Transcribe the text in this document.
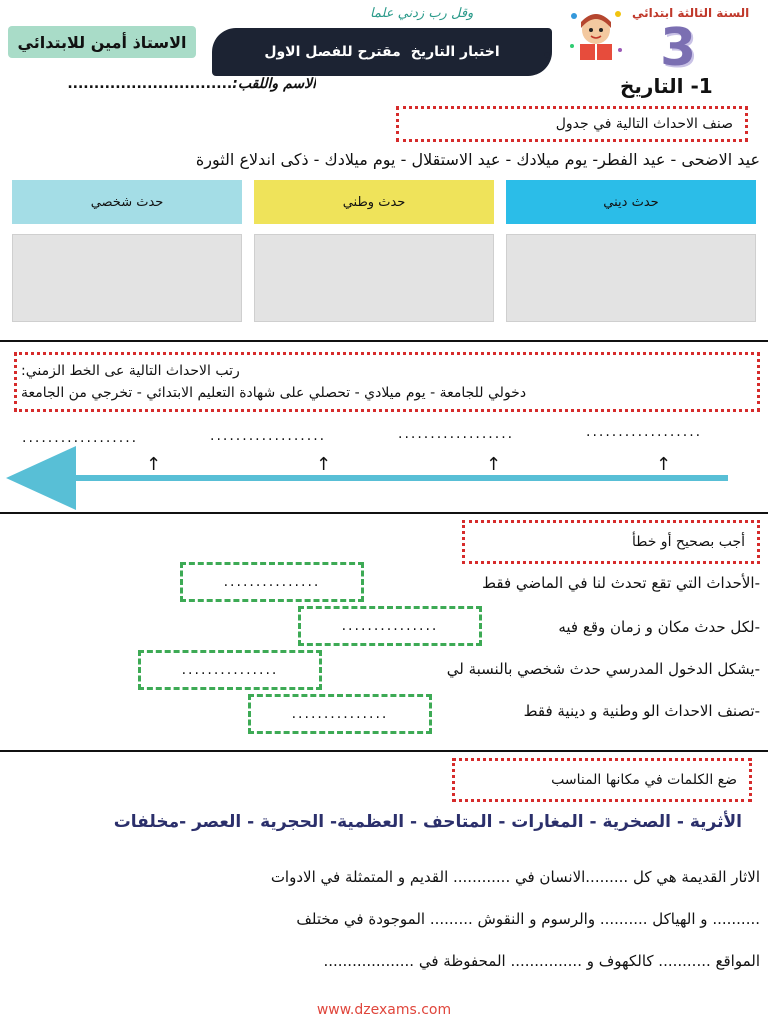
الاستاذ أمين للابتدائي
اختبار التاريخ
مقترح للفصل الاول
وقل رب زدني علما	السنة الثالثة ابتدائي
3
الاسم واللقب:...............................	1- التاريخ
صنف الاحداث التالية في جدول
عيد الاضحى - عيد الفطر- يوم ميلادك - عيد الاستقلال - يوم ميلادك - ذكى اندلاع الثورة
حدث ديني
حدث وطني
حدث شخصي
رتب الاحداث التالية عى الخط الزمني:
دخولي للجامعة - يوم ميلادي - تحصلي على شهادة التعليم الابتدائي - تخرجي من الجامعة
..................
..................
..................
..................
↑
↑
↑
↑
أجب بصحيح أو خطأ
-الأحداث التي تقع تحدث لنا في الماضي فقط
...............
-لكل حدث مكان و زمان وقع فيه
...............
-يشكل الدخول المدرسي حدث شخصي بالنسبة لي
...............
-تصنف الاحداث الو وطنية و دينية فقط
...............
ضع الكلمات في مكانها المناسب
الأثرية - الصخرية - المغارات - المتاحف - العظمية- الحجرية - العصر -مخلفات
الاثار القديمة هي كل .........الانسان في ............ القديم و المتمثلة في الادوات
.......... و الهياكل .......... والرسوم و النقوش ......... الموجودة في مختلف
المواقع ........... كالكهوف و ............... المحفوظة في ...................
www.dzexams.com
